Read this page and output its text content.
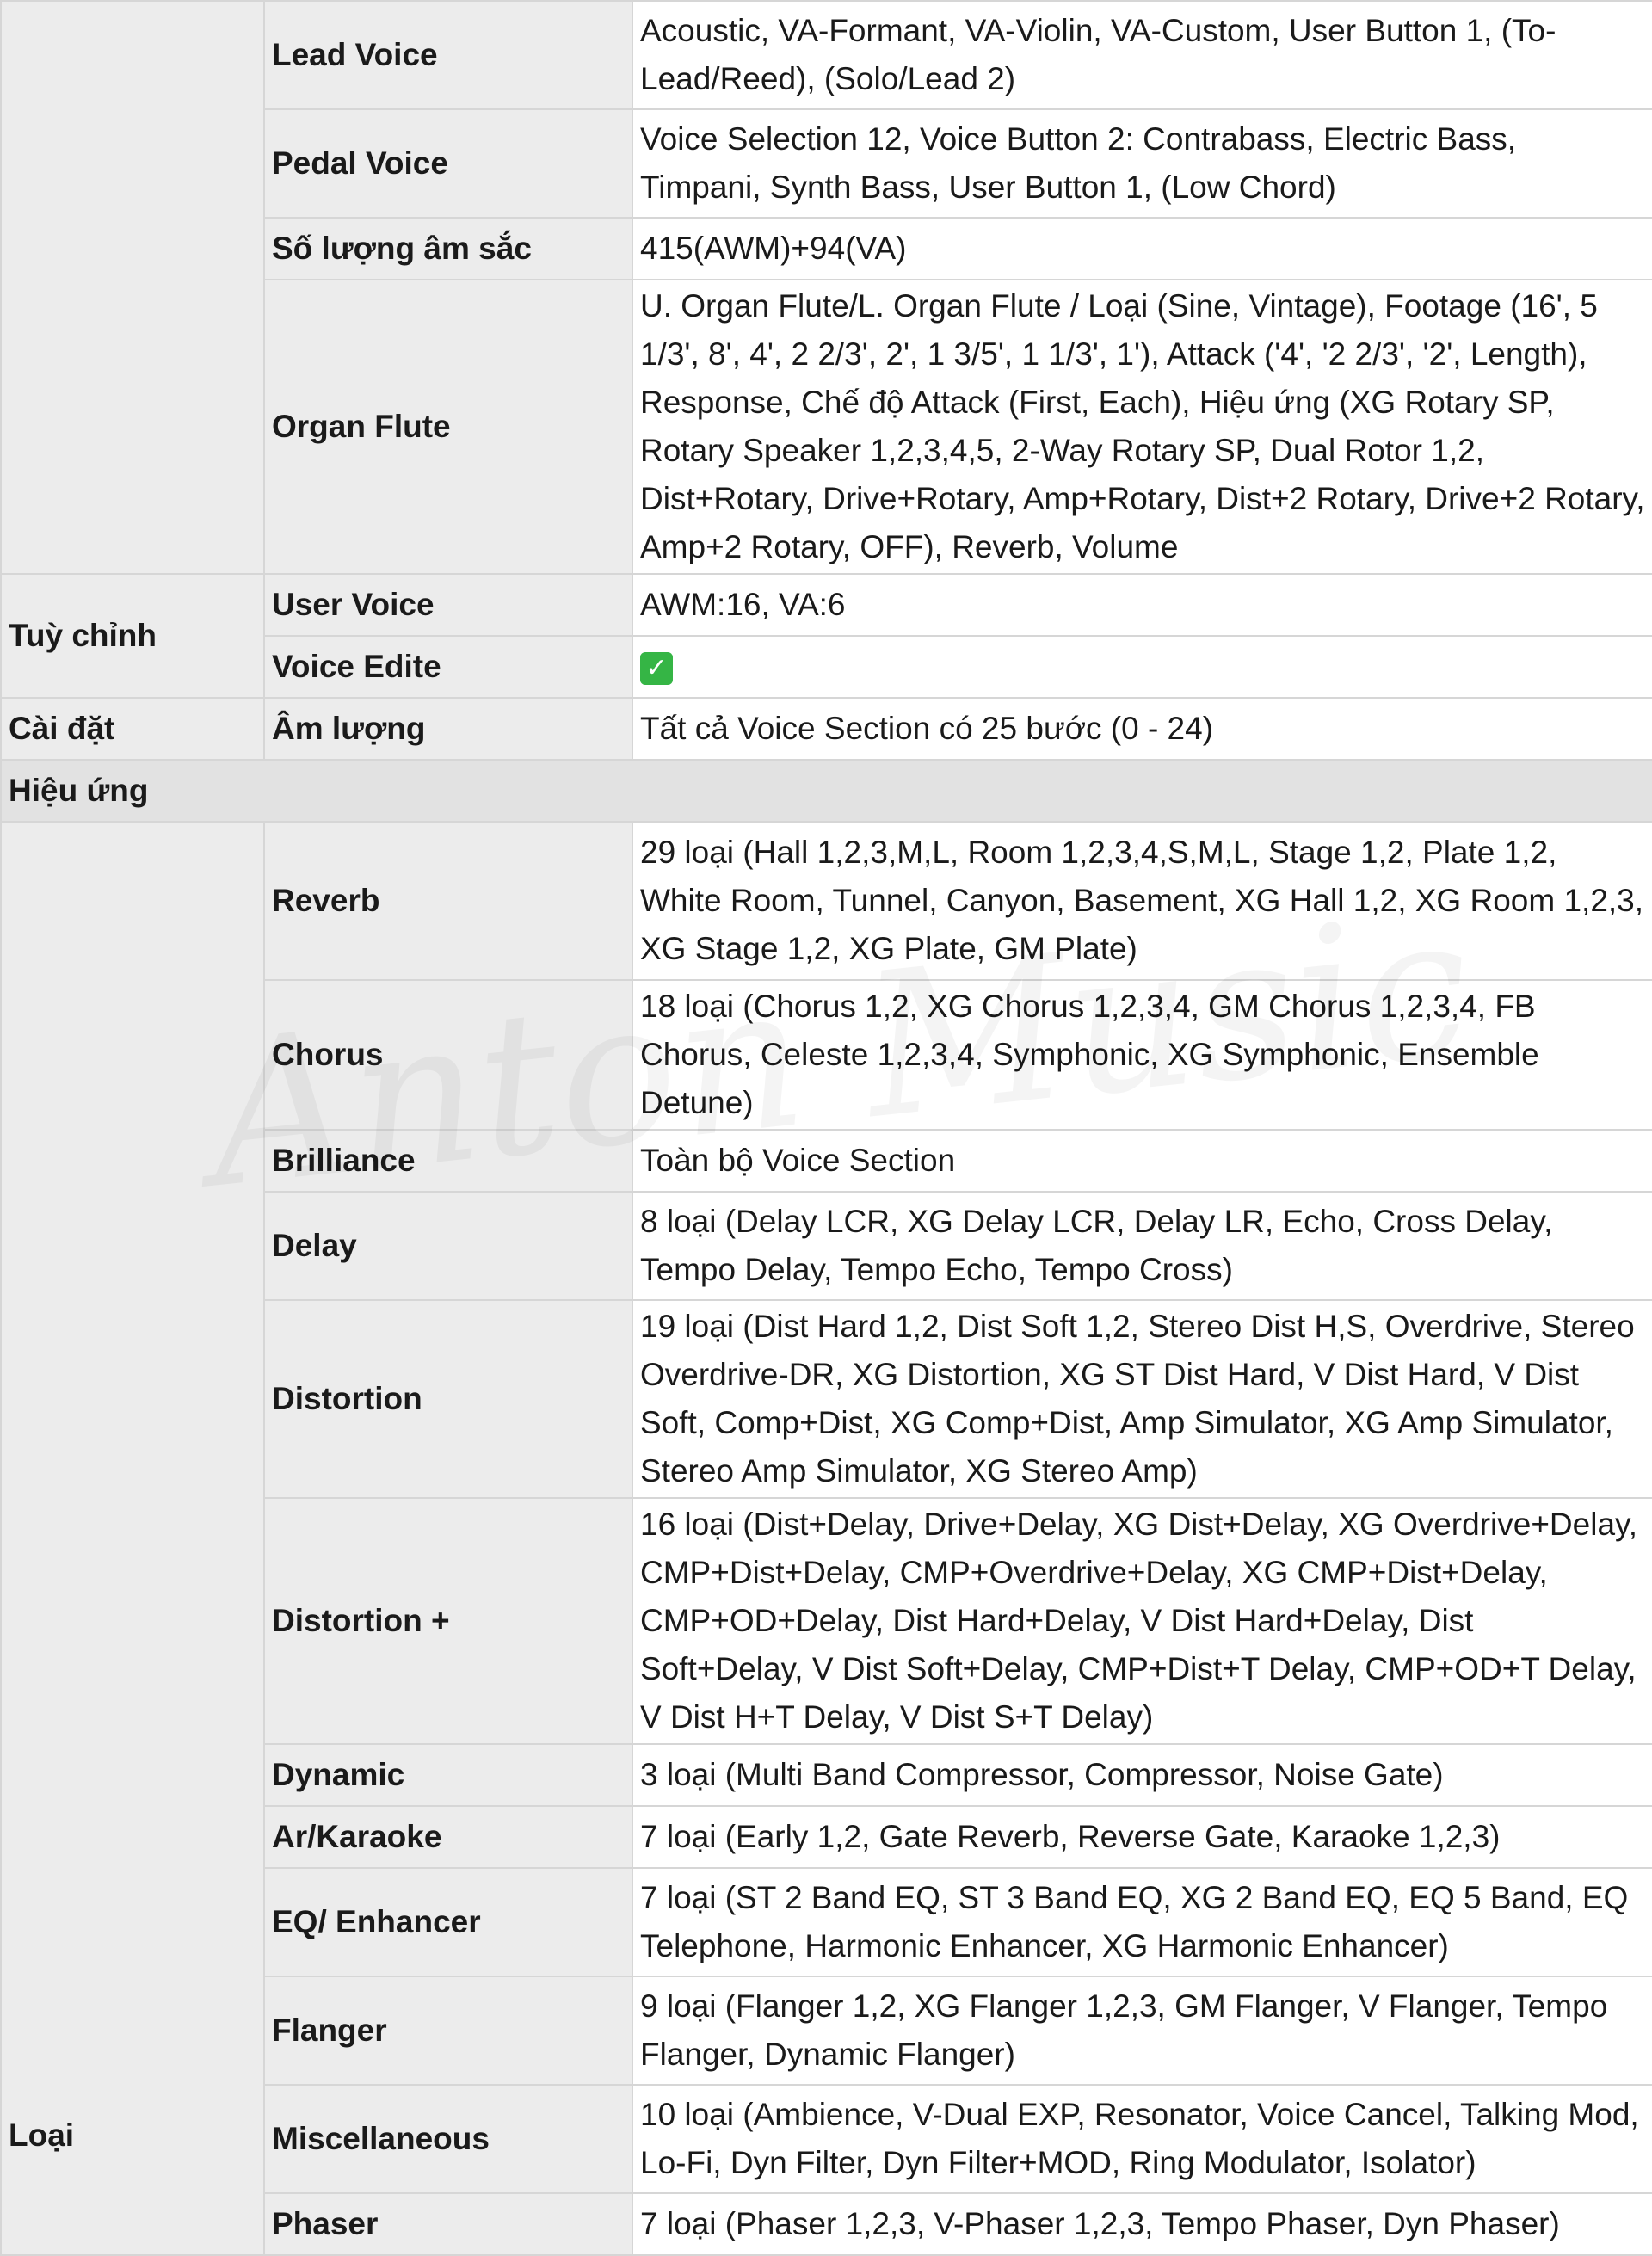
	Lead Voice	Acoustic, VA-Formant, VA-Violin, VA-Custom, User Button 1, (To-Lead/Reed), (Solo/Lead 2)
	Pedal Voice	Voice Selection 12, Voice Button 2: Contrabass, Electric Bass, Timpani, Synth Bass, User Button 1, (Low Chord)
	Số lượng âm sắc	415(AWM)+94(VA)
	Organ Flute	U. Organ Flute/L. Organ Flute / Loại (Sine, Vintage), Footage (16', 5 1/3', 8', 4', 2 2/3', 2', 1 3/5', 1 1/3', 1'), Attack ('4', '2 2/3', '2', Length), Response, Chế độ Attack (First, Each), Hiệu ứng (XG Rotary SP, Rotary Speaker 1,2,3,4,5, 2-Way Rotary SP, Dual Rotor 1,2, Dist+Rotary, Drive+Rotary, Amp+Rotary, Dist+2 Rotary, Drive+2 Rotary, Amp+2 Rotary, OFF), Reverb, Volume
Tuỳ chỉnh	User Voice	AWM:16, VA:6
	Voice Edite	✓
Cài đặt	Âm lượng	Tất cả Voice Section có 25 bước (0 - 24)
Hiệu ứng		
Loại	Reverb	29 loại (Hall 1,2,3,M,L, Room 1,2,3,4,S,M,L, Stage 1,2, Plate 1,2, White Room, Tunnel, Canyon, Basement, XG Hall 1,2, XG Room 1,2,3, XG Stage 1,2, XG Plate, GM Plate)
	Chorus	18 loại (Chorus 1,2, XG Chorus 1,2,3,4, GM Chorus 1,2,3,4, FB Chorus, Celeste 1,2,3,4, Symphonic, XG Symphonic, Ensemble Detune)
	Brilliance	Toàn bộ Voice Section
	Delay	8 loại (Delay LCR, XG Delay LCR, Delay LR, Echo, Cross Delay, Tempo Delay, Tempo Echo, Tempo Cross)
	Distortion	19 loại (Dist Hard 1,2, Dist Soft 1,2, Stereo Dist H,S, Overdrive, Stereo Overdrive-DR, XG Distortion, XG ST Dist Hard, V Dist Hard, V Dist Soft, Comp+Dist, XG Comp+Dist, Amp Simulator, XG Amp Simulator, Stereo Amp Simulator, XG Stereo Amp)
	Distortion +	16 loại (Dist+Delay, Drive+Delay, XG Dist+Delay, XG Overdrive+Delay, CMP+Dist+Delay, CMP+Overdrive+Delay, XG CMP+Dist+Delay, CMP+OD+Delay, Dist Hard+Delay, V Dist Hard+Delay, Dist Soft+Delay, V Dist Soft+Delay, CMP+Dist+T Delay, CMP+OD+T Delay, V Dist H+T Delay, V Dist S+T Delay)
	Dynamic	3 loại (Multi Band Compressor, Compressor, Noise Gate)
	Ar/Karaoke	7 loại (Early 1,2, Gate Reverb, Reverse Gate, Karaoke 1,2,3)
	EQ/ Enhancer	7 loại (ST 2 Band EQ, ST 3 Band EQ, XG 2 Band EQ, EQ 5 Band, EQ Telephone, Harmonic Enhancer, XG Harmonic Enhancer)
	Flanger	9 loại (Flanger 1,2, XG Flanger 1,2,3, GM Flanger, V Flanger, Tempo Flanger, Dynamic Flanger)
	Miscellaneous	10 loại (Ambience, V-Dual EXP, Resonator, Voice Cancel, Talking Mod, Lo-Fi, Dyn Filter, Dyn Filter+MOD, Ring Modulator, Isolator)
	Phaser	7 loại (Phaser 1,2,3, V-Phaser 1,2,3, Tempo Phaser, Dyn Phaser)
